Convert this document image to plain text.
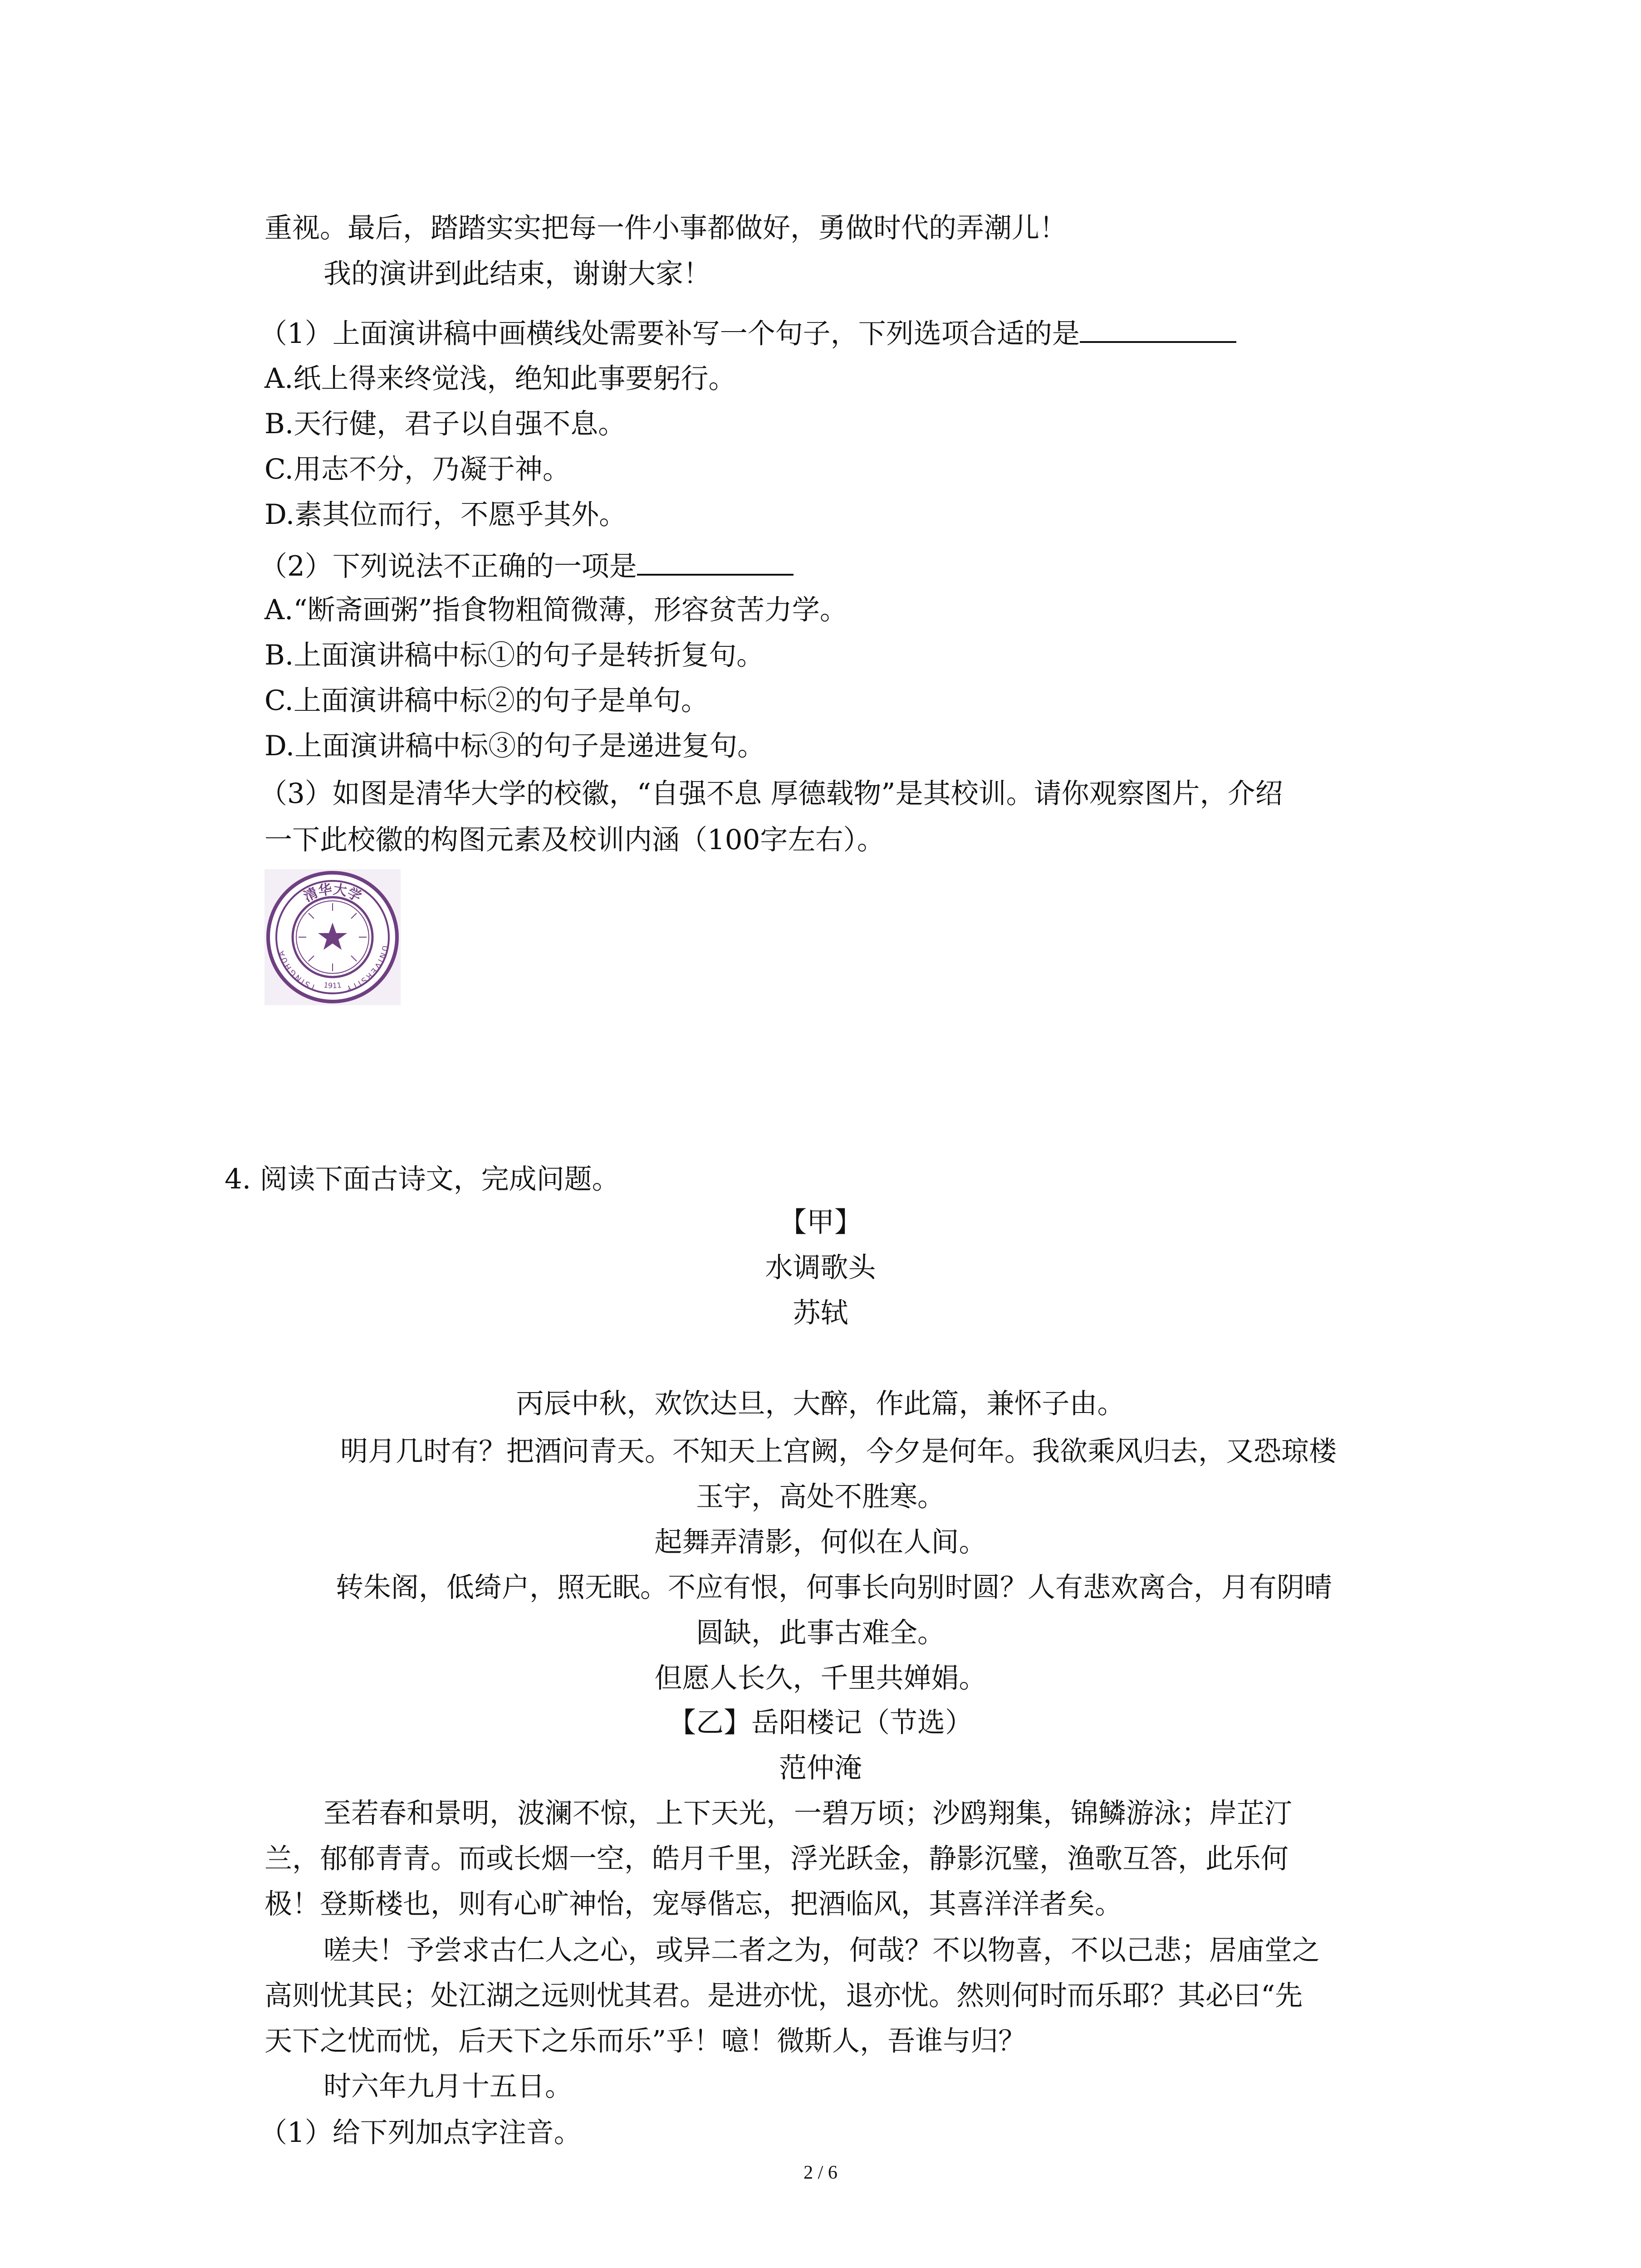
重视。最后，踏踏实实把每一件小事都做好，勇做时代的弄潮儿！
我的演讲到此结束，谢谢大家！
（1）上面演讲稿中画横线处需要补写一个句子，下列选项合适的是
A.纸上得来终觉浅，绝知此事要躬行。
B.天行健，君子以自强不息。
C.用志不分，乃凝于神。
D.素其位而行，不愿乎其外。
（2）下列说法不正确的一项是
A.“断斋画粥”指食物粗简微薄，形容贫苦力学。
B.上面演讲稿中标①的句子是转折复句。
C.上面演讲稿中标②的句子是单句。
D.上面演讲稿中标③的句子是递进复句。
（3）如图是清华大学的校徽，“自强不息 厚德载物”是其校训。请你观察图片，介绍
一下此校徽的构图元素及校训内涵（100字左右）。
清华大学
TSINGHUA	UNIVERSITY
1911
4. 阅读下面古诗文，完成问题。
【甲】
水调歌头
苏轼
丙辰中秋，欢饮达旦，大醉，作此篇，兼怀子由。
明月几时有？把酒问青天。不知天上宫阙，今夕是何年。我欲乘风归去，又恐琼楼
玉宇，高处不胜寒。
起舞弄清影，何似在人间。
转朱阁，低绮户，照无眠。不应有恨，何事长向别时圆？人有悲欢离合，月有阴晴
圆缺，此事古难全。
但愿人长久，千里共婵娟。
【乙】岳阳楼记（节选）
范仲淹
至若春和景明，波澜不惊，上下天光，一碧万顷；沙鸥翔集，锦鳞游泳；岸芷汀
兰，郁郁青青。而或长烟一空，皓月千里，浮光跃金，静影沉璧，渔歌互答，此乐何
极！登斯楼也，则有心旷神怡，宠辱偕忘，把酒临风，其喜洋洋者矣。
嗟夫！予尝求古仁人之心，或异二者之为，何哉？不以物喜，不以己悲；居庙堂之
高则忧其民；处江湖之远则忧其君。是进亦忧，退亦忧。然则何时而乐耶？其必曰“先
天下之忧而忧，后天下之乐而乐”乎！噫！微斯人，吾谁与归？
时六年九月十五日。
（1）给下列加点字注音。
2 / 6
